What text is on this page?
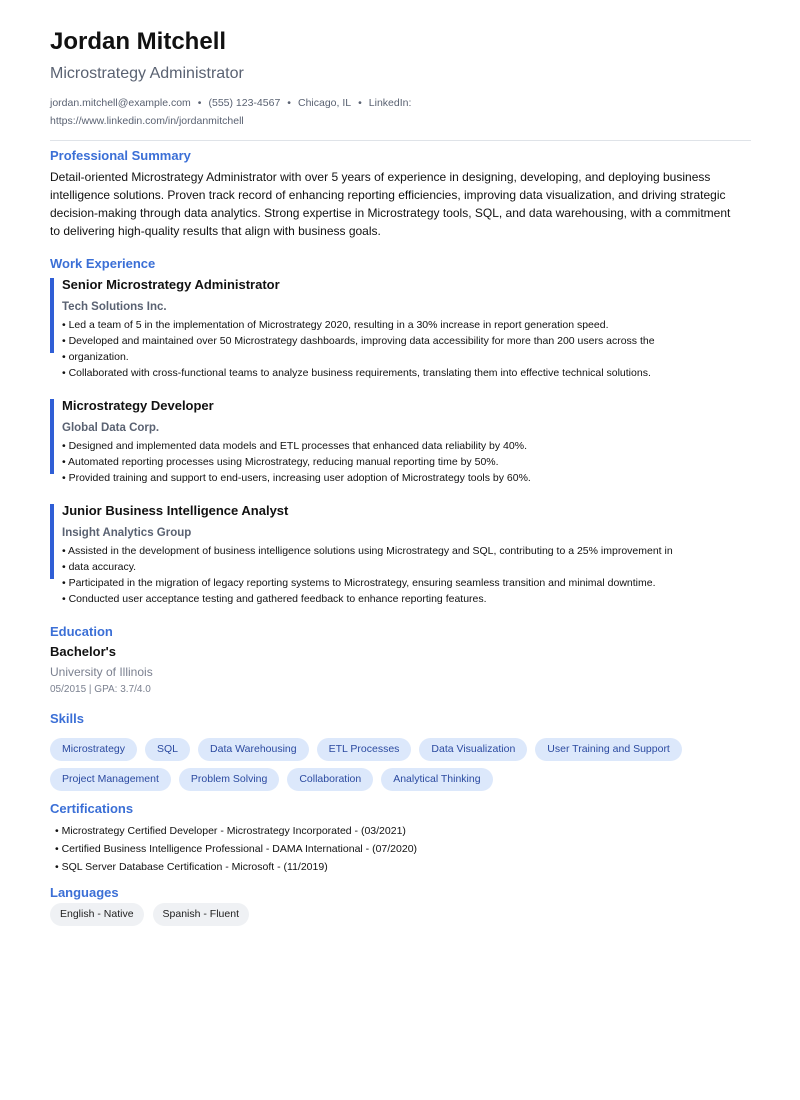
Jordan Mitchell
Microstrategy Administrator
jordan.mitchell@example.com • (555) 123-4567 • Chicago, IL • LinkedIn:
https://www.linkedin.com/in/jordanmitchell
Professional Summary
Detail-oriented Microstrategy Administrator with over 5 years of experience in designing, developing, and deploying business intelligence solutions. Proven track record of enhancing reporting efficiencies, improving data visualization, and driving strategic decision-making through data analytics. Strong expertise in Microstrategy tools, SQL, and data warehousing, with a commitment to delivering high-quality results that align with business goals.
Work Experience
Senior Microstrategy Administrator
Tech Solutions Inc.
• Led a team of 5 in the implementation of Microstrategy 2020, resulting in a 30% increase in report generation speed.
• Developed and maintained over 50 Microstrategy dashboards, improving data accessibility for more than 200 users across the
• organization.
• Collaborated with cross-functional teams to analyze business requirements, translating them into effective technical solutions.
Microstrategy Developer
Global Data Corp.
• Designed and implemented data models and ETL processes that enhanced data reliability by 40%.
• Automated reporting processes using Microstrategy, reducing manual reporting time by 50%.
• Provided training and support to end-users, increasing user adoption of Microstrategy tools by 60%.
Junior Business Intelligence Analyst
Insight Analytics Group
• Assisted in the development of business intelligence solutions using Microstrategy and SQL, contributing to a 25% improvement in
• data accuracy.
• Participated in the migration of legacy reporting systems to Microstrategy, ensuring seamless transition and minimal downtime.
• Conducted user acceptance testing and gathered feedback to enhance reporting features.
Education
Bachelor's
University of Illinois
05/2015 | GPA: 3.7/4.0
Skills
Microstrategy	SQL	Data Warehousing	ETL Processes	Data Visualization	User Training and Support
Project Management	Problem Solving	Collaboration	Analytical Thinking
Certifications
• Microstrategy Certified Developer - Microstrategy Incorporated - (03/2021)
• Certified Business Intelligence Professional - DAMA International - (07/2020)
• SQL Server Database Certification - Microsoft - (11/2019)
Languages
English - Native	Spanish - Fluent
